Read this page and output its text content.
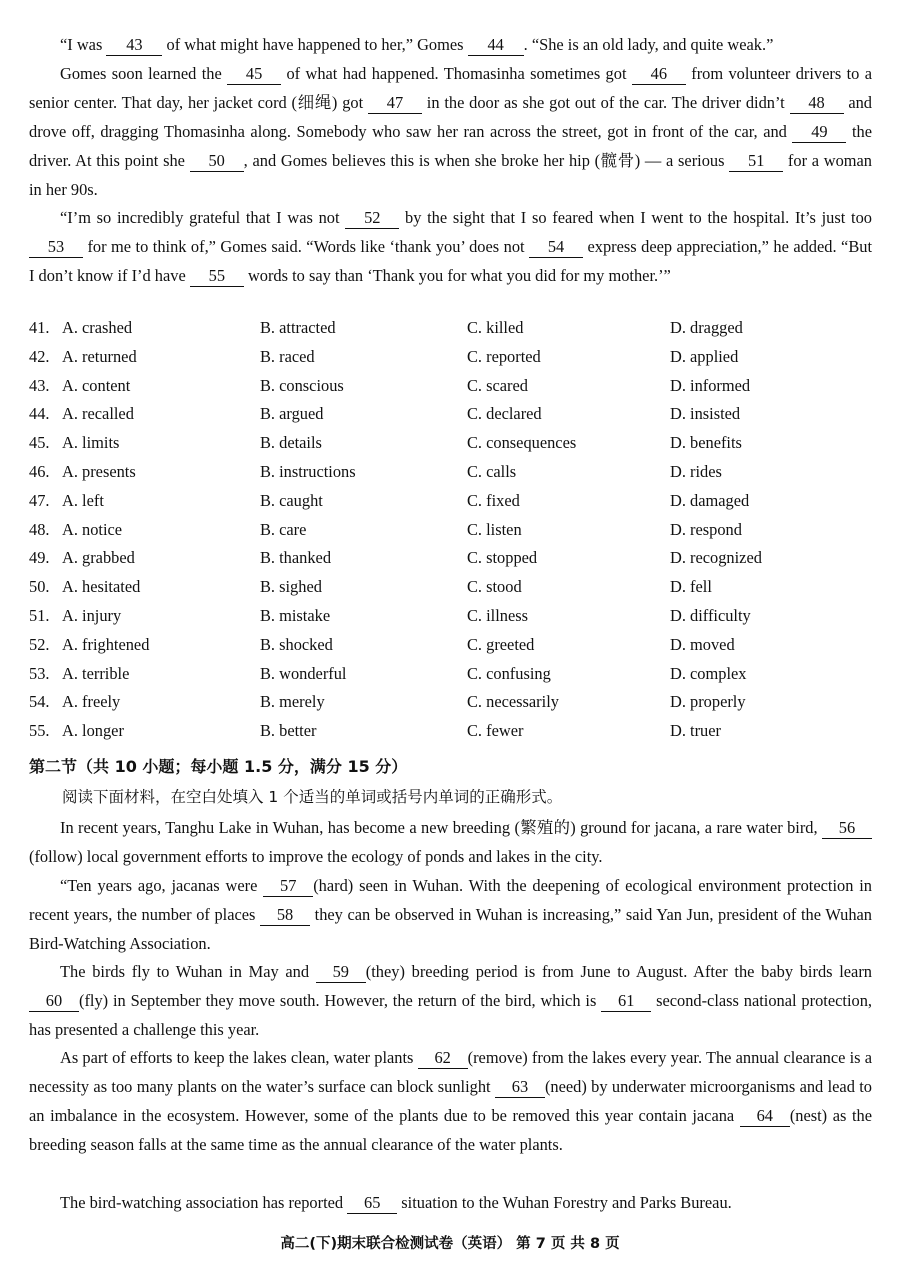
“I was 43 of what might have happened to her,” Gomes 44 . “She is an old lady, and quite weak.”

Gomes soon learned the 45 of what had happened. Thomasinha sometimes got 46 from volunteer drivers to a senior center. That day, her jacket cord (细绳) got 47 in the door as she got out of the car. The driver didn’t 48 and drove off, dragging Thomasinha along. Somebody who saw her ran across the street, got in front of the car, and 49 the driver. At this point she 50 , and Gomes believes this is when she broke her hip (髋骨) — a serious 51 for a woman in her 90s.

“I’m so incredibly grateful that I was not 52 by the sight that I so feared when I went to the hospital. It’s just too 53 for me to think of,” Gomes said. “Words like ‘thank you’ does not 54 express deep appreciation,” he added. “But I don’t know if I’d have 55 words to say than ‘Thank you for what you did for my mother.’”

41. A. crashed	B. attracted	C. killed	D. dragged
42. A. returned	B. raced	C. reported	D. applied
43. A. content	B. conscious	C. scared	D. informed
44. A. recalled	B. argued	C. declared	D. insisted
45. A. limits	B. details	C. consequences	D. benefits
46. A. presents	B. instructions	C. calls	D. rides
47. A. left	B. caught	C. fixed	D. damaged
48. A. notice	B. care	C. listen	D. respond
49. A. grabbed	B. thanked	C. stopped	D. recognized
50. A. hesitated	B. sighed	C. stood	D. fell
51. A. injury	B. mistake	C. illness	D. difficulty
52. A. frightened	B. shocked	C. greeted	D. moved
53. A. terrible	B. wonderful	C. confusing	D. complex
54. A. freely	B. merely	C. necessarily	D. properly
55. A. longer	B. better	C. fewer	D. truer
第二节（共 10 小题；每小题 1.5 分，满分 15 分）
阅读下面材料，在空白处填入 1 个适当的单词或括号内单词的正确形式。

In recent years, Tanghu Lake in Wuhan, has become a new breeding (繁殖的) ground for jacana, a rare water bird, 56(follow) local government efforts to improve the ecology of ponds and lakes in the city.

“Ten years ago, jacanas were 57 (hard) seen in Wuhan. With the deepening of ecological environment protection in recent years, the number of places 58 they can be observed in Wuhan is increasing,” said Yan Jun, president of the Wuhan Bird-Watching Association.

The birds fly to Wuhan in May and 59 (they) breeding period is from June to August. After the baby birds learn 60 (fly) in September they move south. However, the return of the bird, which is 61 second-class national protection, has presented a challenge this year.

As part of efforts to keep the lakes clean, water plants 62 (remove) from the lakes every year. The annual clearance is a necessity as too many plants on the water’s surface can block sunlight 63 (need) by underwater microorganisms and lead to an imbalance in the ecosystem. However, some of the plants due to be removed this year contain jacana 64 (nest) as the breeding season falls at the same time as the annual clearance of the water plants.

The bird-watching association has reported 65 situation to the Wuhan Forestry and Parks Bureau.

高二(下)期末联合检测试卷（英语） 第 7 页 共 8 页
